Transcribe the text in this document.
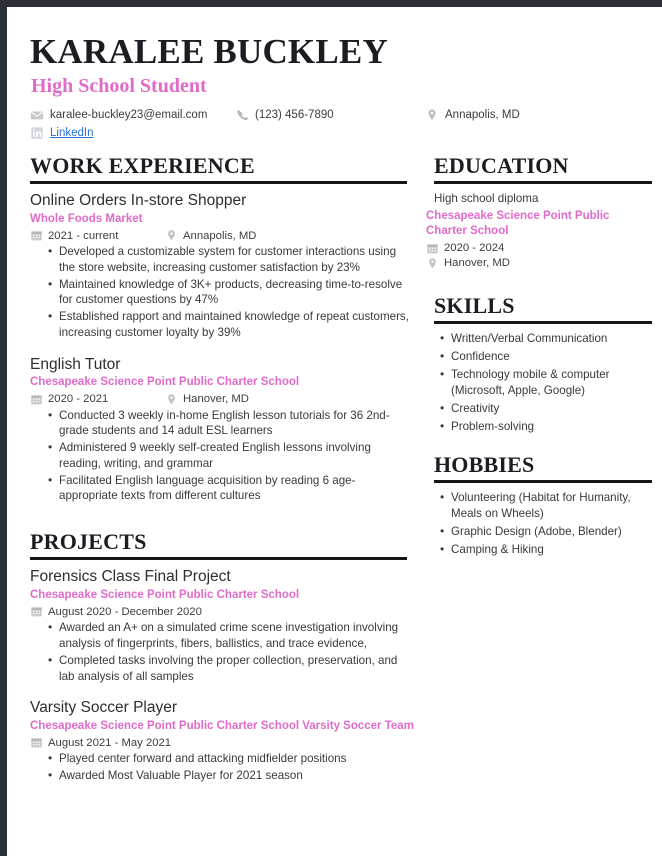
KARALEE BUCKLEY
High School Student
karalee-buckley23@email.com	(123) 456-7890	Annapolis, MD
LinkedIn
WORK EXPERIENCE
Online Orders In-store Shopper
Whole Foods Market
2021 - current	Annapolis, MD
• Developed a customizable system for customer interactions using the store website, increasing customer satisfaction by 23%
• Maintained knowledge of 3K+ products, decreasing time-to-resolve for customer questions by 47%
• Established rapport and maintained knowledge of repeat customers, increasing customer loyalty by 39%
English Tutor
Chesapeake Science Point Public Charter School
2020 - 2021	Hanover, MD
• Conducted 3 weekly in-home English lesson tutorials for 36 2nd-grade students and 14 adult ESL learners
• Administered 9 weekly self-created English lessons involving reading, writing, and grammar
• Facilitated English language acquisition by reading 6 age-appropriate texts from different cultures
PROJECTS
Forensics Class Final Project
Chesapeake Science Point Public Charter School
August 2020 - December 2020
• Awarded an A+ on a simulated crime scene investigation involving analysis of fingerprints, fibers, ballistics, and trace evidence,
• Completed tasks involving the proper collection, preservation, and lab analysis of all samples
Varsity Soccer Player
Chesapeake Science Point Public Charter School Varsity Soccer Team
August 2021 - May 2021
• Played center forward and attacking midfielder positions
• Awarded Most Valuable Player for 2021 season
EDUCATION
High school diploma
Chesapeake Science Point Public Charter School
2020 - 2024
Hanover, MD
SKILLS
• Written/Verbal Communication
• Confidence
• Technology mobile & computer (Microsoft, Apple, Google)
• Creativity
• Problem-solving
HOBBIES
• Volunteering (Habitat for Humanity, Meals on Wheels)
• Graphic Design (Adobe, Blender)
• Camping & Hiking
